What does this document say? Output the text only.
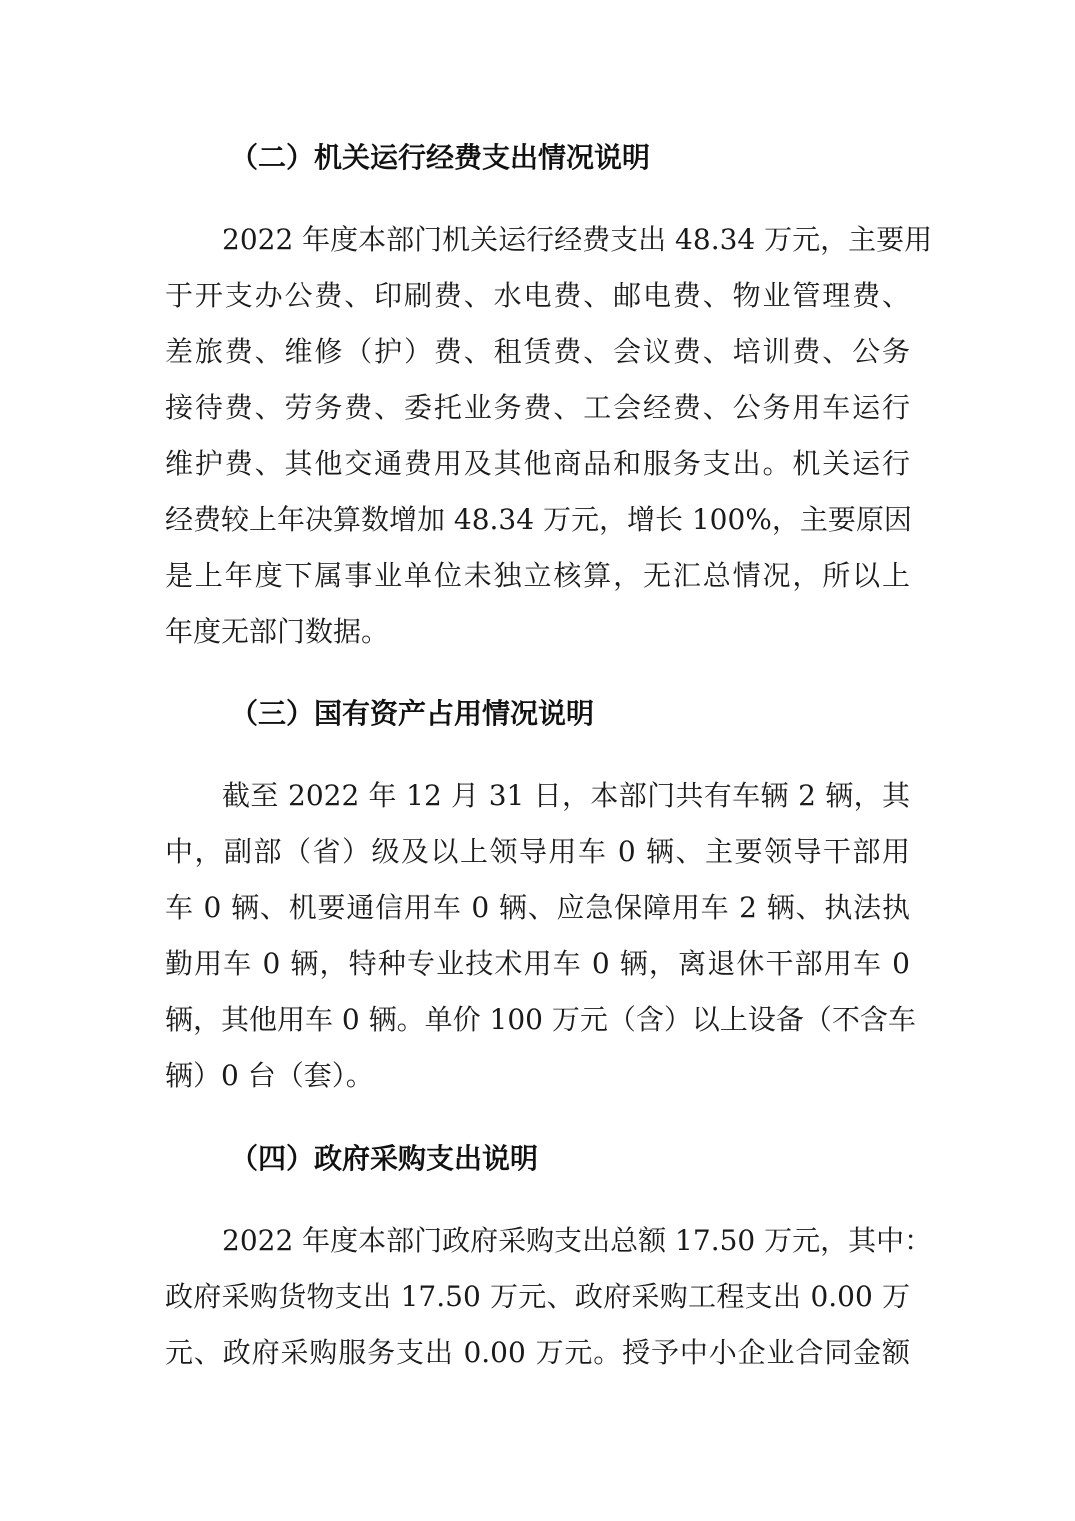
（二）机关运行经费支出情况说明

2022 年度本部门机关运行经费支出 48.34 万元，主要用

于开支办公费、印刷费、水电费、邮电费、物业管理费、

差旅费、维修（护）费、租赁费、会议费、培训费、公务

接待费、劳务费、委托业务费、工会经费、公务用车运行

维护费、其他交通费用及其他商品和服务支出。机关运行

经费较上年决算数增加 48.34 万元，增长 100%，主要原因

是上年度下属事业单位未独立核算，无汇总情况，所以上

年度无部门数据。

（三）国有资产占用情况说明

截至 2022 年 12 月 31 日，本部门共有车辆 2 辆，其

中，副部（省）级及以上领导用车 0 辆、主要领导干部用

车 0 辆、机要通信用车 0 辆、应急保障用车 2 辆、执法执

勤用车 0 辆，特种专业技术用车 0 辆，离退休干部用车 0

辆，其他用车 0 辆。单价 100 万元（含）以上设备（不含车

辆）0 台（套）。

（四）政府采购支出说明

2022 年度本部门政府采购支出总额 17.50 万元，其中：

政府采购货物支出 17.50 万元、政府采购工程支出 0.00 万

元、政府采购服务支出 0.00 万元。授予中小企业合同金额
